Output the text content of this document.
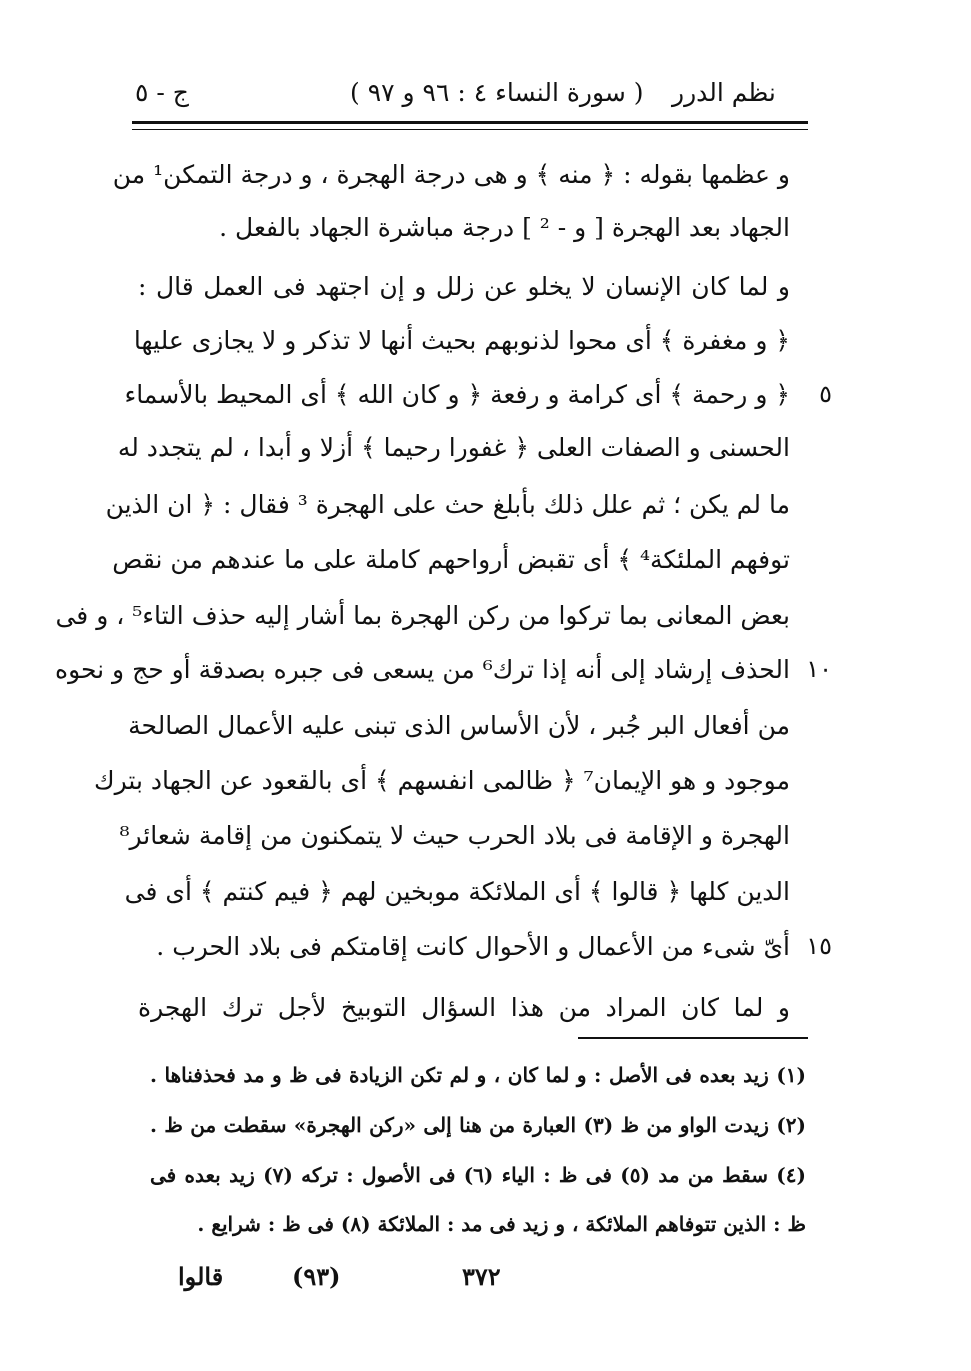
نظم الدرر
( سورة النساء ٤ : ٩٦ و ٩٧ )
ج - ٥
و عظمها بقوله : ﴿ منه ﴾ و هى درجة الهجرة ، و درجة التمكن¹ من
الجهاد بعد الهجرة [ و - ² ] درجة مباشرة الجهاد بالفعل .
و لما كان الإنسان لا يخلو عن زلل و إن اجتهد فى العمل قال :
﴿ و مغفرة ﴾ أى محوا لذنوبهم بحيث أنها لا تذكر و لا يجازى عليها
﴿ و رحمة ﴾ أى كرامة و رفعة ﴿ و كان الله ﴾ أى المحيط بالأسماء	٥
الحسنى و الصفات العلى ﴿ غفورا رحيما ﴾ أزلا و أبدا ، لم يتجدد له
ما لم يكن ؛ ثم علل ذلك بأبلغ حث على الهجرة ³ فقال : ﴿ ان الذين
توفهم الملئكة⁴ ﴾ أى تقبض أرواحهم كاملة على ما عندهم من نقص
بعض المعانى بما تركوا من ركن الهجرة بما أشار إليه حذف التاء⁵ ، و فى
الحذف إرشاد إلى أنه إذا ترك⁶ من يسعى فى جبره بصدقة أو حج و نحوه ١٠
من أفعال البر جُبر ، لأن الأساس الذى تبنى عليه الأعمال الصالحة
موجود و هو الإيمان⁷ ﴿ ظالمى انفسهم ﴾ أى بالقعود عن الجهاد بترك
الهجرة و الإقامة فى بلاد الحرب حيث لا يتمكنون من إقامة شعائر⁸
الدين كلها ﴿ قالوا ﴾ أى الملائكة موبخين لهم ﴿ فيم كنتم ﴾ أى فى
أىّ شىء من الأعمال و الأحوال كانت إقامتكم فى بلاد الحرب . ١٥
و لما كان المراد من هذا السؤال التوبيخ لأجل ترك الهجرة
(١) زيد بعده فى الأصل : و لما كان ، و لم تكن الزيادة فى ظ و مد فحذفناها .
(٢) زيدت الواو من ظ (٣) العبارة من هنا إلى «ركن الهجرة» سقطت من ظ .
(٤) سقط من مد (٥) فى ظ : الياء (٦) فى الأصول : تركه (٧) زيد بعده فى
ظ : الذين تتوفاهم الملائكة ، و زيد فى مد : الملائكة (٨) فى ظ : شرايع .
قالوا	(٩٣)	٣٧٢
